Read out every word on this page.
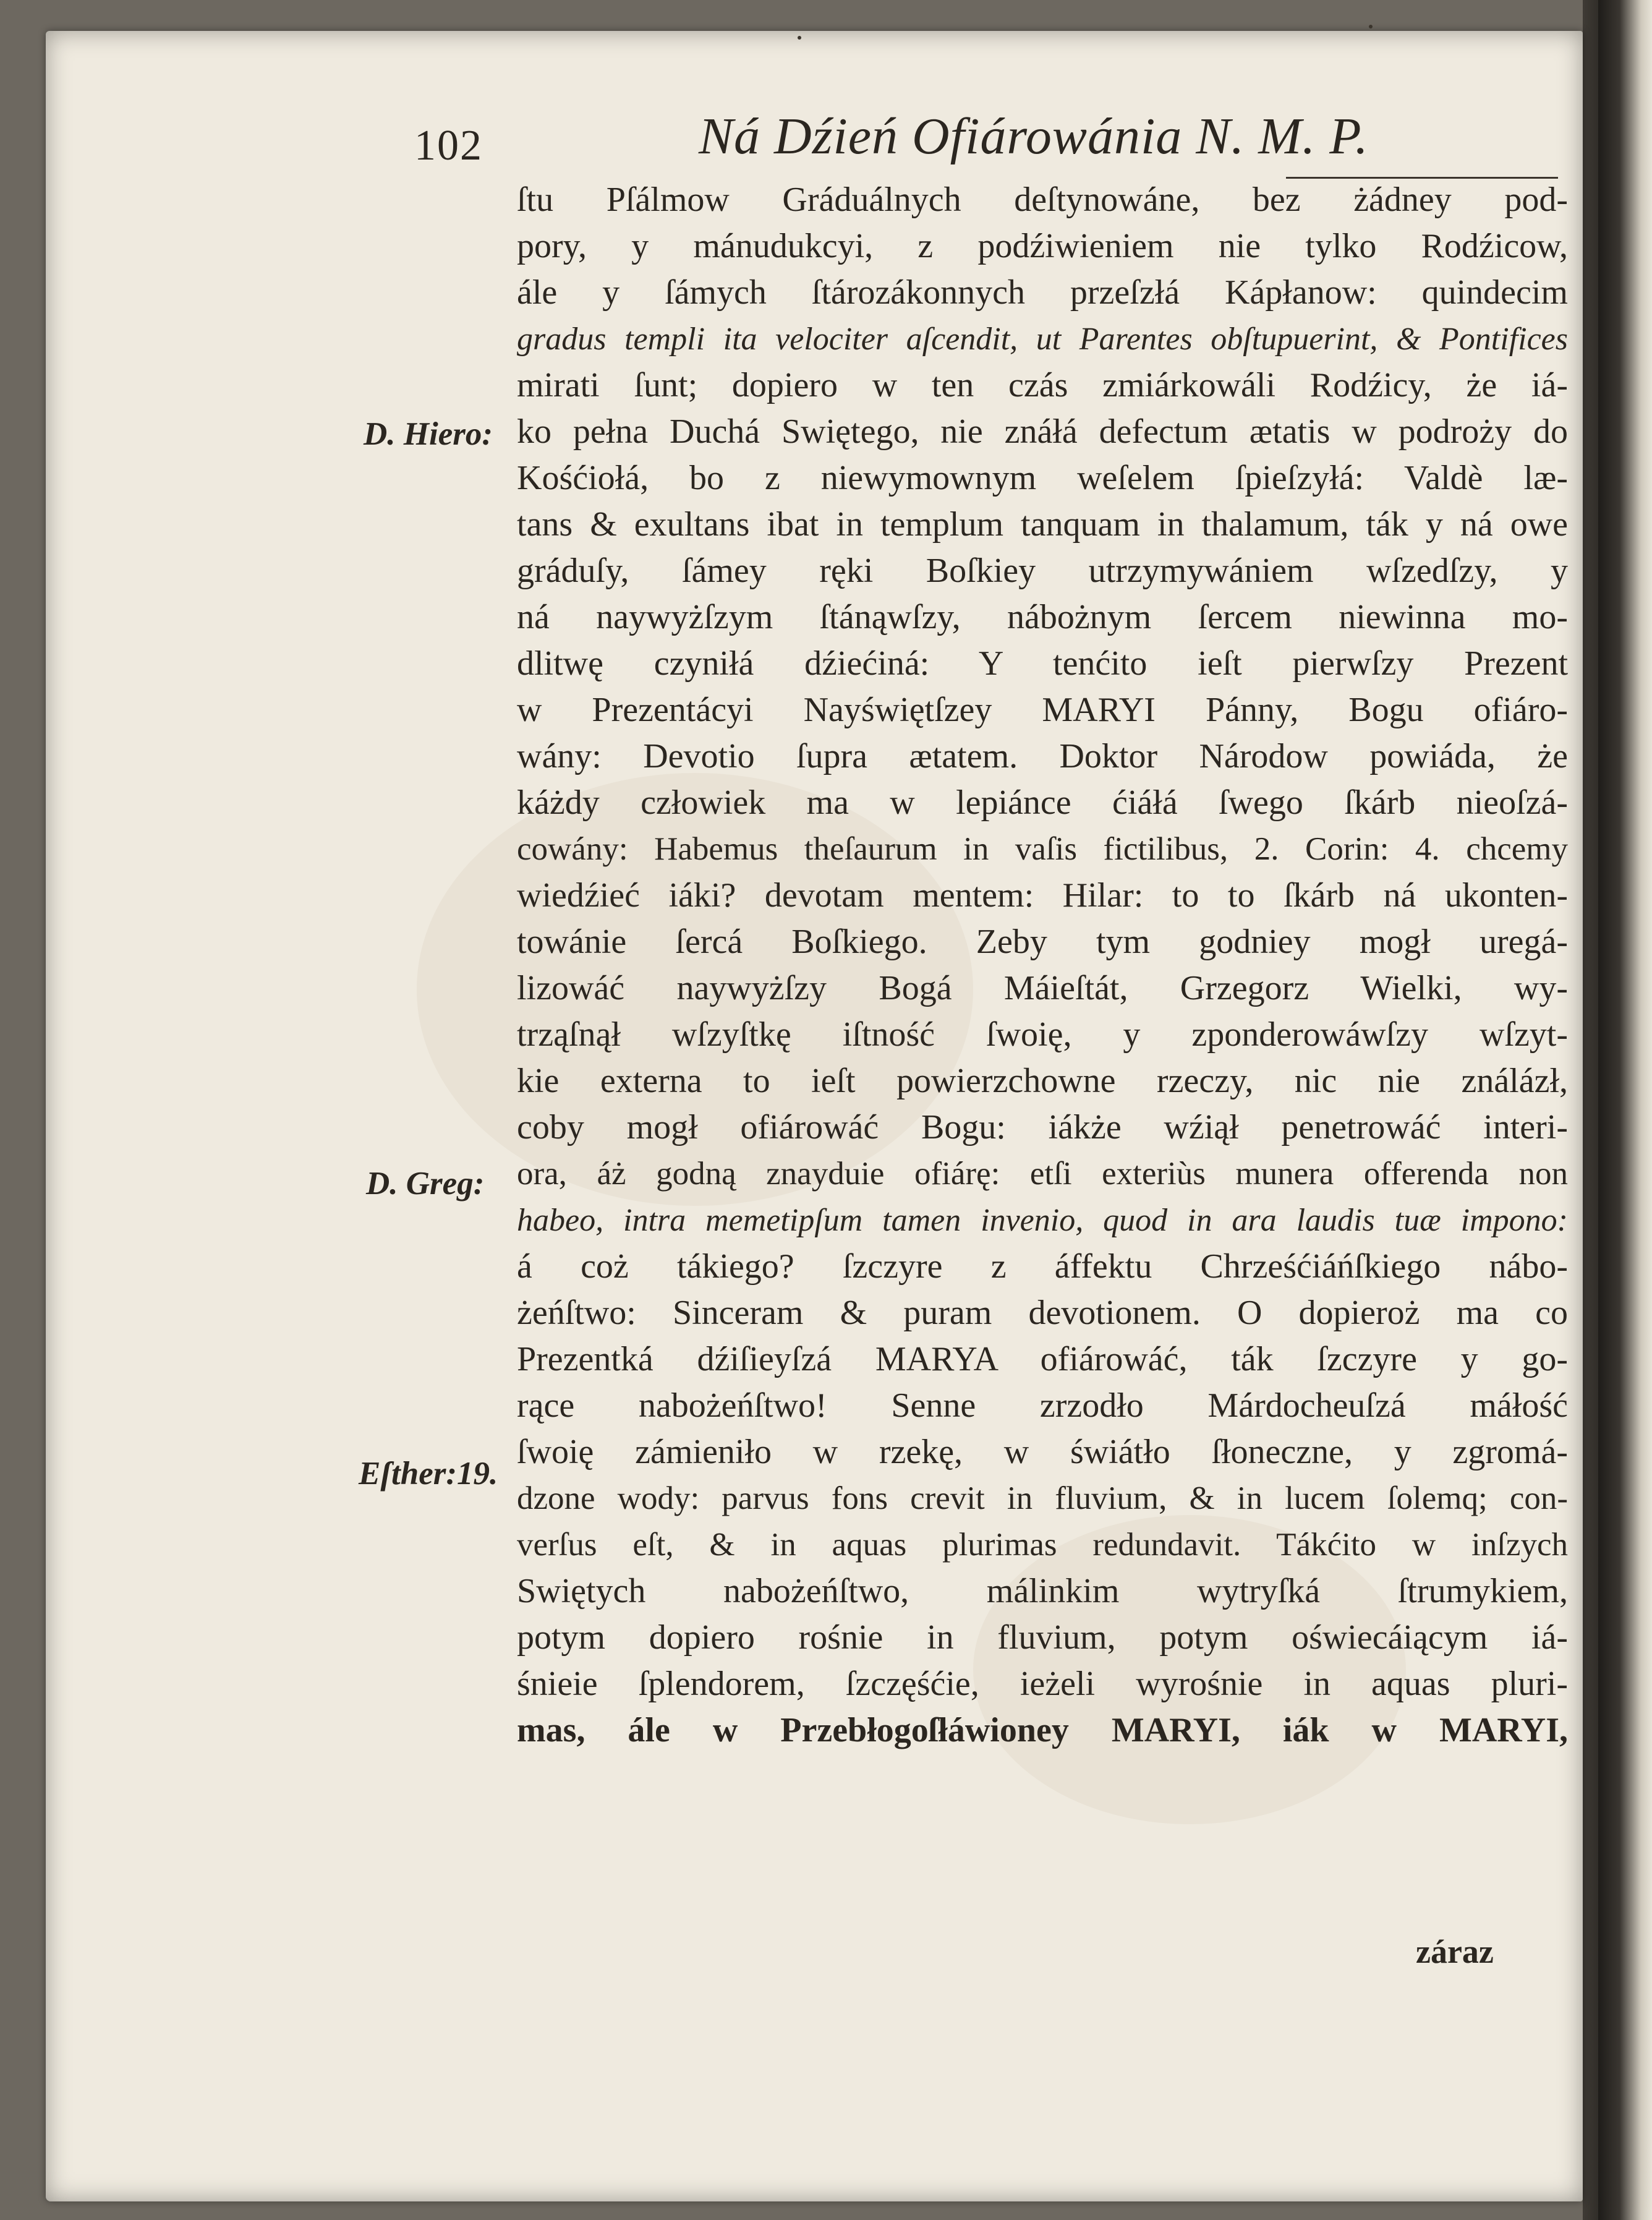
102	Ná Dźień Ofiárowánia N. M. P.
D. Hiero:
D. Greg:
Eſther:19.
ſtu Pſálmow Gráduálnych deſtynowáne, bez żádney pod-
pory, y mánudukcyi, z podźiwieniem nie tylko Rodźicow,
ále y ſámych ſtározákonnych przeſzłá Kápłanow: quindecim
gradus templi ita velociter aſcendit, ut Parentes obſtupuerint, & Pontifices
mirati ſunt; dopiero w ten czás zmiárkowáli Rodźicy, że iá-
ko pełna Duchá Swiętego, nie znáłá defectum ætatis w podroży do
Kośćiołá, bo z niewymownym weſelem ſpieſzyłá: Valdè læ-
tans & exultans ibat in templum tanquam in thalamum, ták y ná owe
gráduſy, ſámey ręki Boſkiey utrzymywániem wſzedſzy, y
ná naywyżſzym ſtánąwſzy, nábożnym ſercem niewinna mo-
dlitwę czyniłá dźiećiná: Y tenćito ieſt pierwſzy Prezent
w Prezentácyi Nayświętſzey MARYI Pánny, Bogu ofiáro-
wány: Devotio ſupra ætatem. Doktor Národow powiáda, że
káżdy człowiek ma w lepiánce ćiáłá ſwego ſkárb nieoſzá-
cowány: Habemus theſaurum in vaſis fictilibus, 2. Corin: 4. chcemy
wiedźieć iáki? devotam mentem: Hilar: to to ſkárb ná ukonten-
towánie ſercá Boſkiego. Zeby tym godniey mogł uregá-
lizowáć naywyżſzy Bogá Máieſtát, Grzegorz Wielki, wy-
trząſnął wſzyſtkę iſtność ſwoię, y zponderowáwſzy wſzyt-
kie externa to ieſt powierzchowne rzeczy, nic nie ználázł,
coby mogł ofiárowáć Bogu: iákże wźiął penetrowáć interi-
ora, áż godną znayduie ofiárę: etſi exteriùs munera offerenda non
habeo, intra memetipſum tamen invenio, quod in ara laudis tuæ impono:
á coż tákiego? ſzczyre z áffektu Chrześćiáńſkiego nábo-
żeńſtwo: Sinceram & puram devotionem. O dopieroż ma co
Prezentká dźiſieyſzá MARYA ofiárowáć, ták ſzczyre y go-
rące nabożeńſtwo! Senne zrzodło Márdocheuſzá máłość
ſwoię zámieniło w rzekę, w świátło ſłoneczne, y zgromá-
dzone wody: parvus fons crevit in fluvium, & in lucem ſolemq; con-
verſus eſt, & in aquas plurimas redundavit. Tákćito w inſzych
Swiętych nabożeńſtwo, málinkim wytryſká ſtrumykiem,
potym dopiero rośnie in fluvium, potym oświecáiącym iá-
śnieie ſplendorem, ſzczęśćie, ieżeli wyrośnie in aquas pluri-
mas, ále w Przebłogoſłáwioney MARYI, iák w MARYI,
záraz
